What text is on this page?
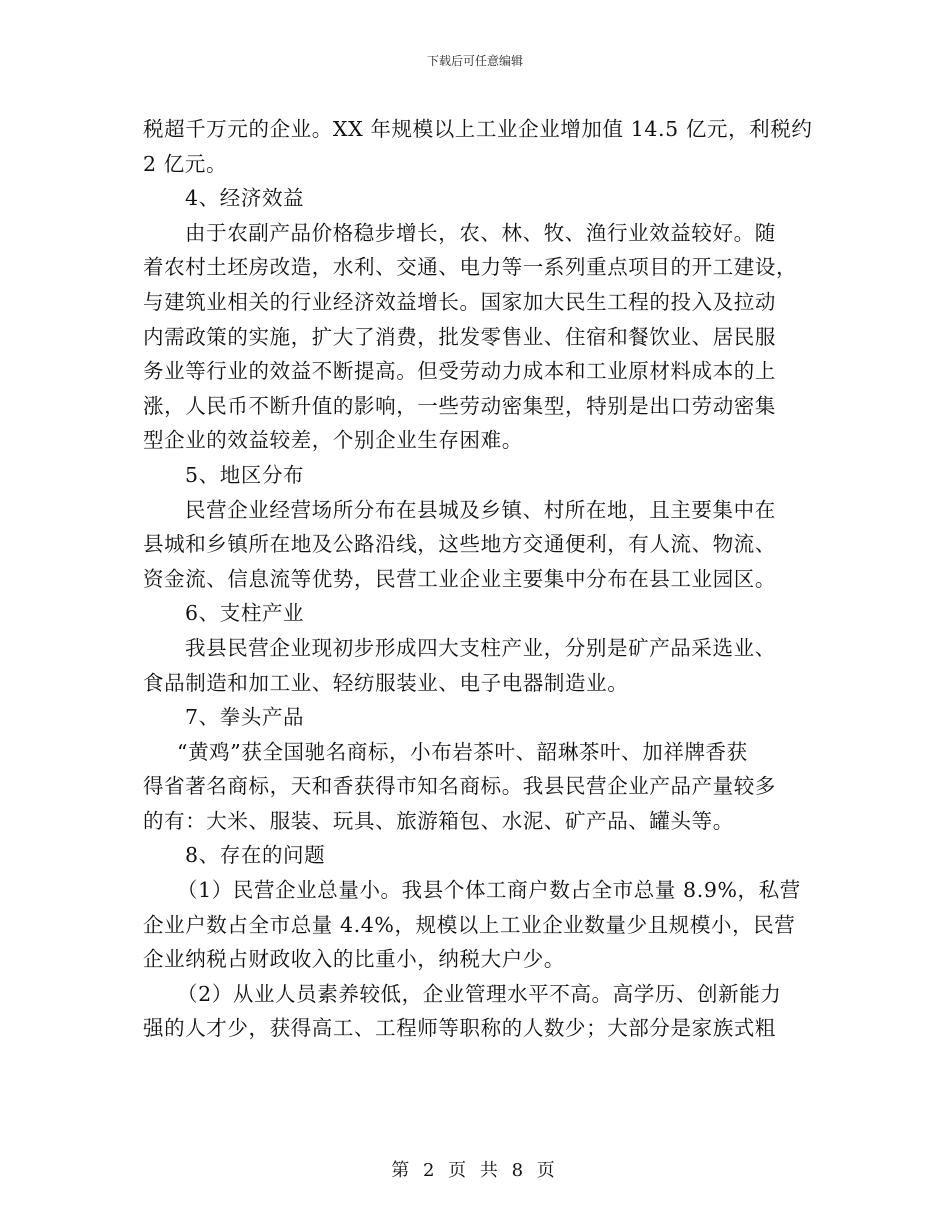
下载后可任意编辑
税超千万元的企业。XX 年规模以上工业企业增加值 14.5 亿元，利税约
2 亿元。
4、经济效益
由于农副产品价格稳步增长，农、林、牧、渔行业效益较好。随
着农村土坯房改造，水利、交通、电力等一系列重点项目的开工建设，
与建筑业相关的行业经济效益增长。国家加大民生工程的投入及拉动
内需政策的实施，扩大了消费，批发零售业、住宿和餐饮业、居民服
务业等行业的效益不断提高。但受劳动力成本和工业原材料成本的上
涨，人民币不断升值的影响，一些劳动密集型，特别是出口劳动密集
型企业的效益较差，个别企业生存困难。
5、地区分布
民营企业经营场所分布在县城及乡镇、村所在地，且主要集中在
县城和乡镇所在地及公路沿线，这些地方交通便利，有人流、物流、
资金流、信息流等优势，民营工业企业主要集中分布在县工业园区。
6、支柱产业
我县民营企业现初步形成四大支柱产业，分别是矿产品采选业、
食品制造和加工业、轻纺服装业、电子电器制造业。
7、拳头产品
“黄鸡”获全国驰名商标，小布岩茶叶、韶琳茶叶、加祥牌香获
得省著名商标，天和香获得市知名商标。我县民营企业产品产量较多
的有：大米、服装、玩具、旅游箱包、水泥、矿产品、罐头等。
8、存在的问题
（1）民营企业总量小。我县个体工商户数占全市总量 8.9%，私营
企业户数占全市总量 4.4%，规模以上工业企业数量少且规模小，民营
企业纳税占财政收入的比重小，纳税大户少。
（2）从业人员素养较低，企业管理水平不高。高学历、创新能力
强的人才少，获得高工、工程师等职称的人数少；大部分是家族式粗
第 2 页 共 8 页
